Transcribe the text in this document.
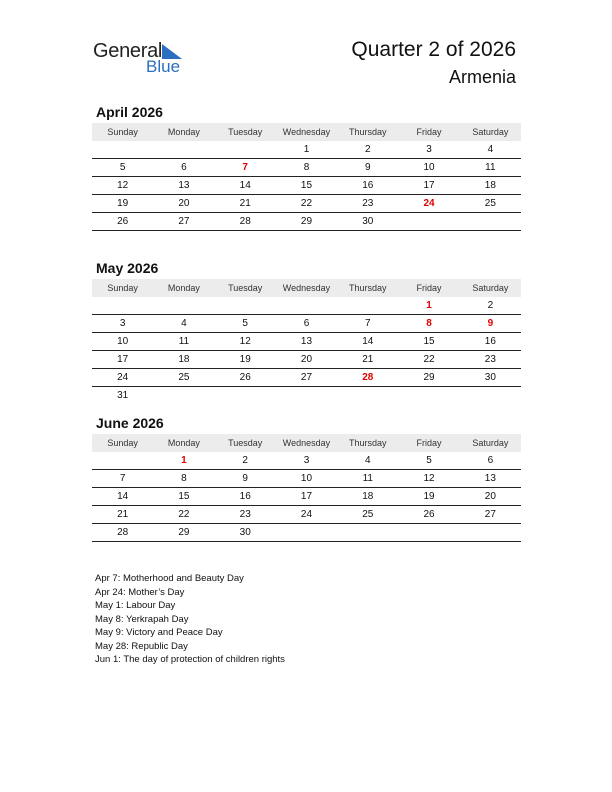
General
Blue
Quarter 2 of 2026
Armenia
April 2026
Sunday	Monday	Tuesday	Wednesday	Thursday	Friday	Saturday
			1	2	3	4
5	6	7	8	9	10	11
12	13	14	15	16	17	18
19	20	21	22	23	24	25
26	27	28	29	30		
May 2026
Sunday	Monday	Tuesday	Wednesday	Thursday	Friday	Saturday
					1	2
3	4	5	6	7	8	9
10	11	12	13	14	15	16
17	18	19	20	21	22	23
24	25	26	27	28	29	30
31						
June 2026
Sunday	Monday	Tuesday	Wednesday	Thursday	Friday	Saturday
	1	2	3	4	5	6
7	8	9	10	11	12	13
14	15	16	17	18	19	20
21	22	23	24	25	26	27
28	29	30				
Apr 7: Motherhood and Beauty Day
Apr 24: Mother’s Day
May 1: Labour Day
May 8: Yerkrapah Day
May 9: Victory and Peace Day
May 28: Republic Day
Jun 1: The day of protection of children rights
